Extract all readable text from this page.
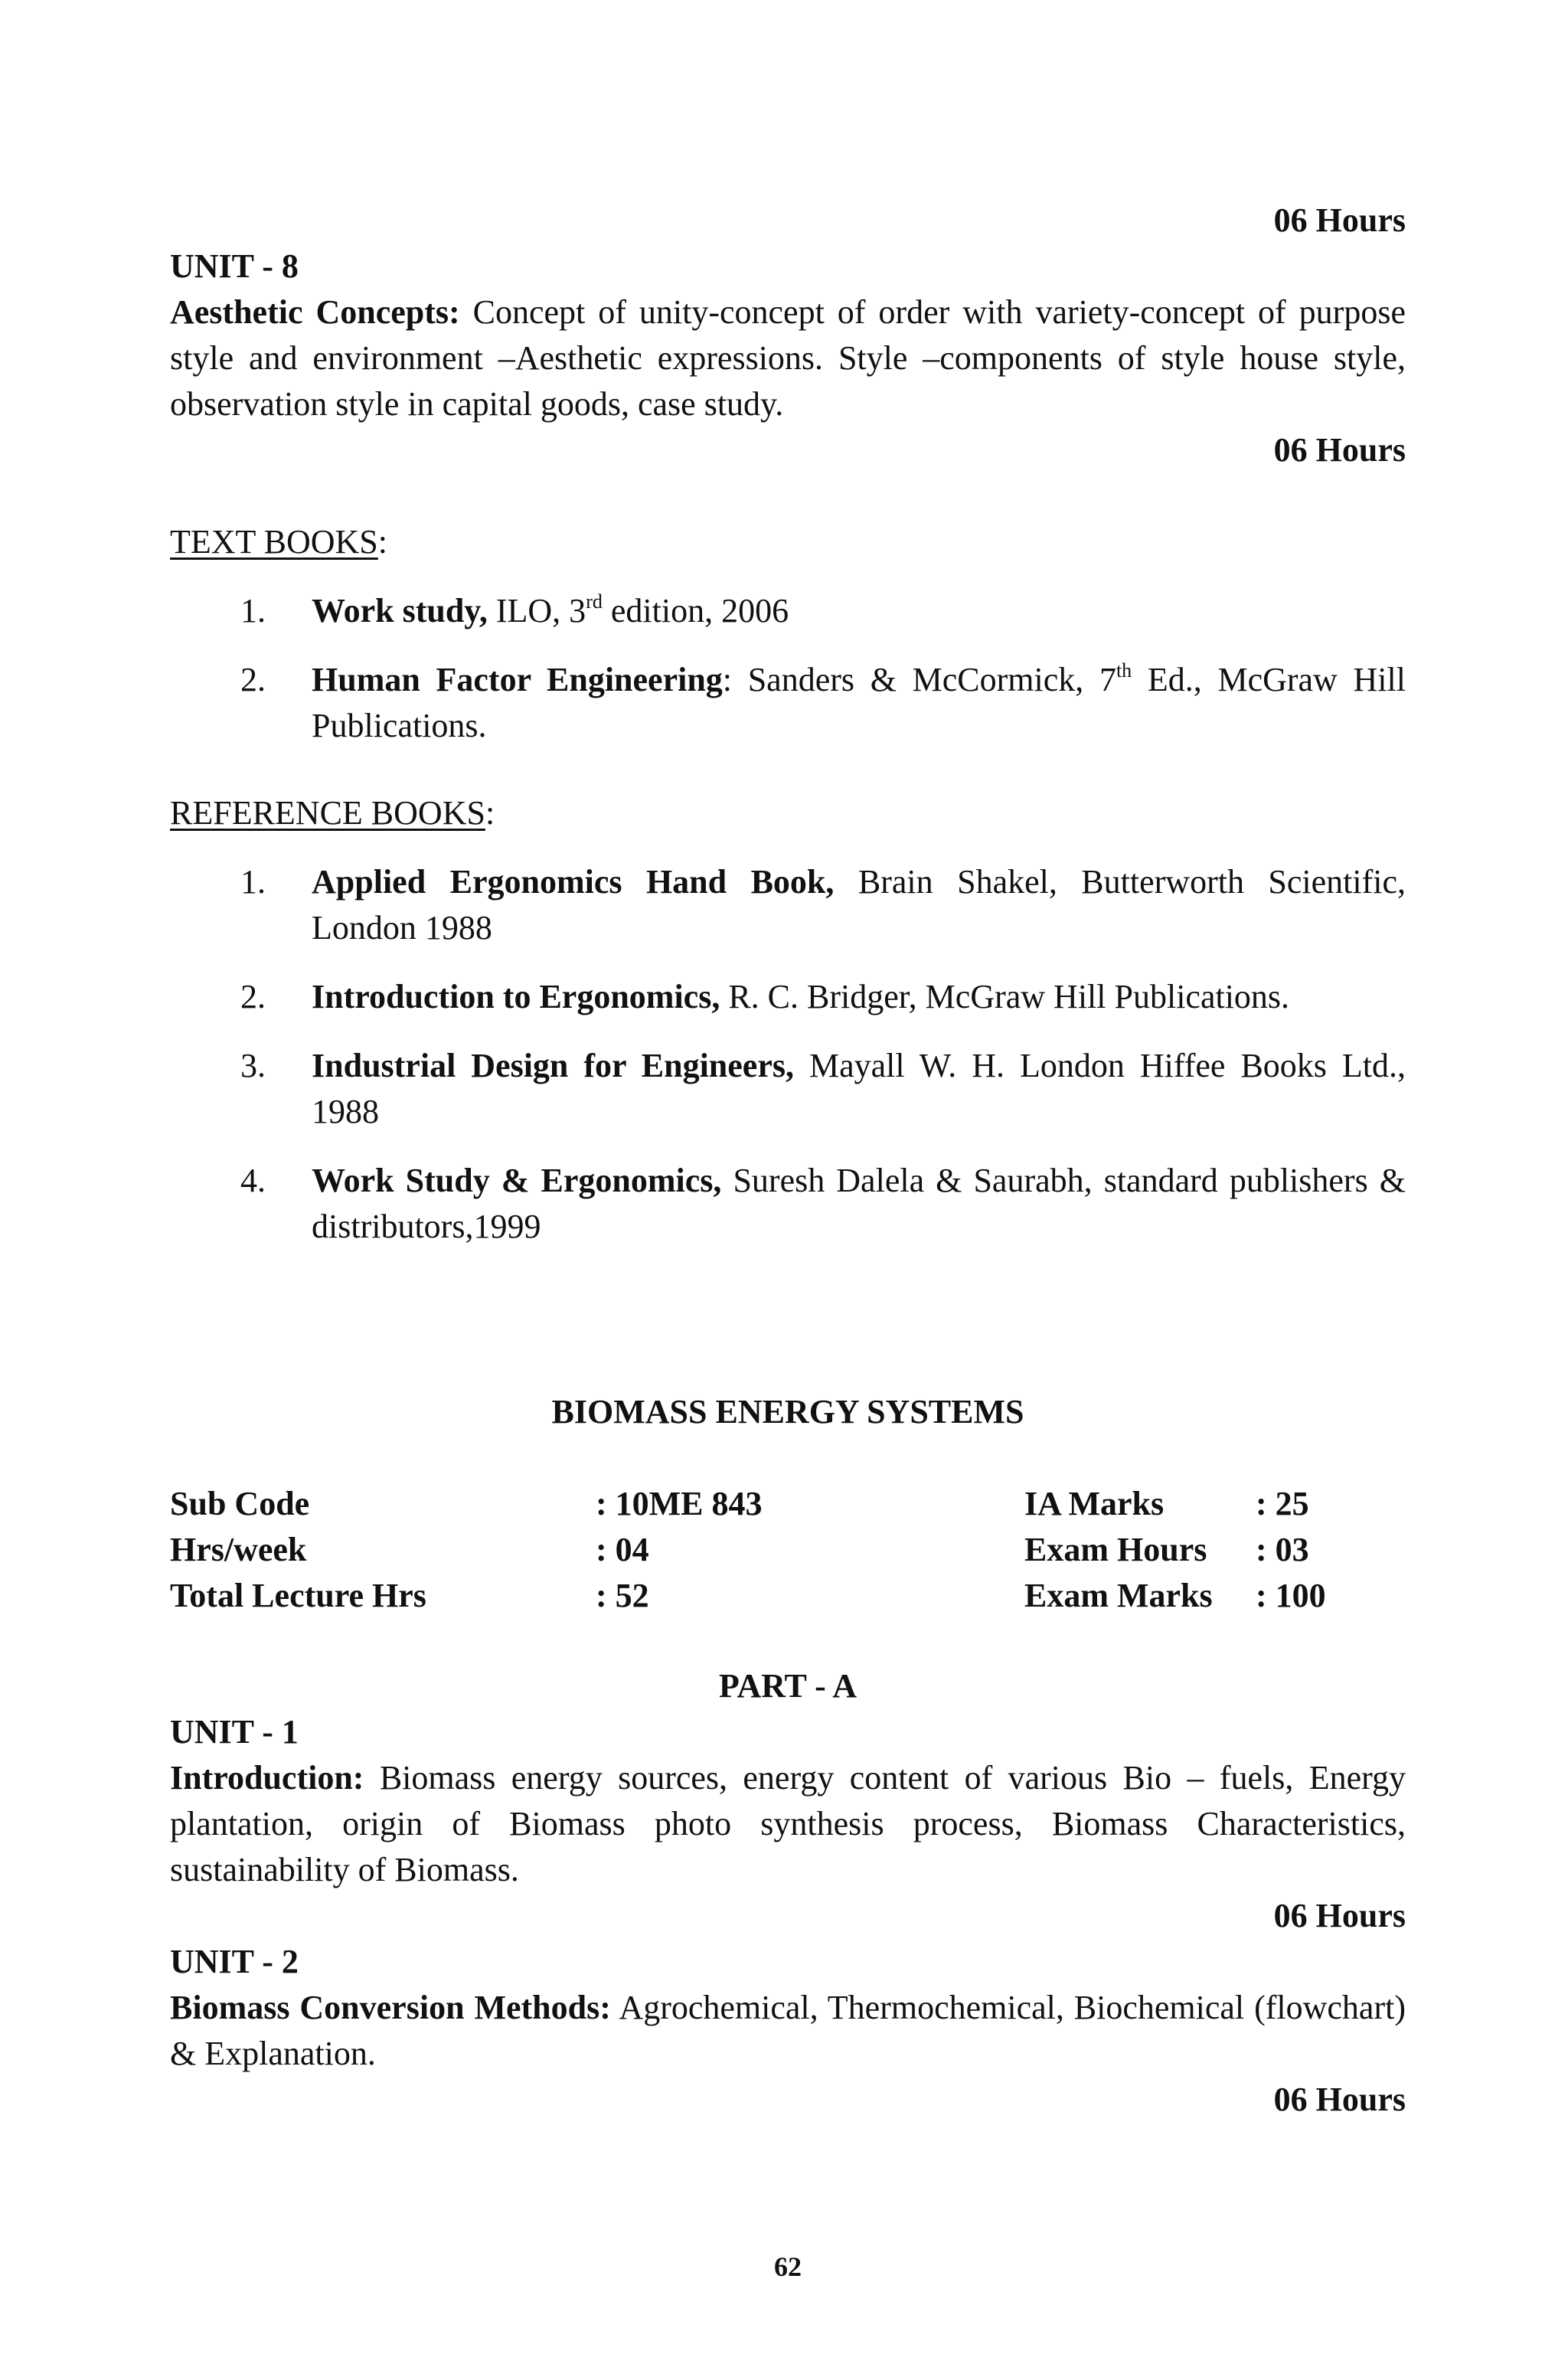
06 Hours
UNIT - 8
Aesthetic Concepts: Concept of unity-concept of order with variety-concept of purpose style and environment –Aesthetic expressions. Style –components of style house style, observation style in capital goods, case study.
06 Hours
TEXT BOOKS:
1.	Work study, ILO, 3rd edition, 2006
2.	Human Factor Engineering: Sanders & McCormick, 7th Ed., McGraw Hill Publications.
REFERENCE BOOKS:
1.	Applied Ergonomics Hand Book, Brain Shakel, Butterworth Scientific, London 1988
2.	Introduction to Ergonomics, R. C. Bridger, McGraw Hill Publications.
3.	Industrial Design for Engineers, Mayall W. H. London Hiffee Books Ltd., 1988
4.	Work Study & Ergonomics, Suresh Dalela & Saurabh, standard publishers & distributors,1999
BIOMASS ENERGY SYSTEMS
Sub Code	: 10ME 843	IA Marks	: 25
Hrs/week	: 04	Exam Hours : 03
Total Lecture Hrs	: 52	Exam Marks : 100
PART - A
UNIT - 1
Introduction: Biomass energy sources, energy content of various Bio – fuels, Energy plantation, origin of Biomass photo synthesis process, Biomass Characteristics, sustainability of Biomass.
06 Hours
UNIT - 2
Biomass Conversion Methods: Agrochemical, Thermochemical, Biochemical (flowchart) & Explanation.
06 Hours
62
